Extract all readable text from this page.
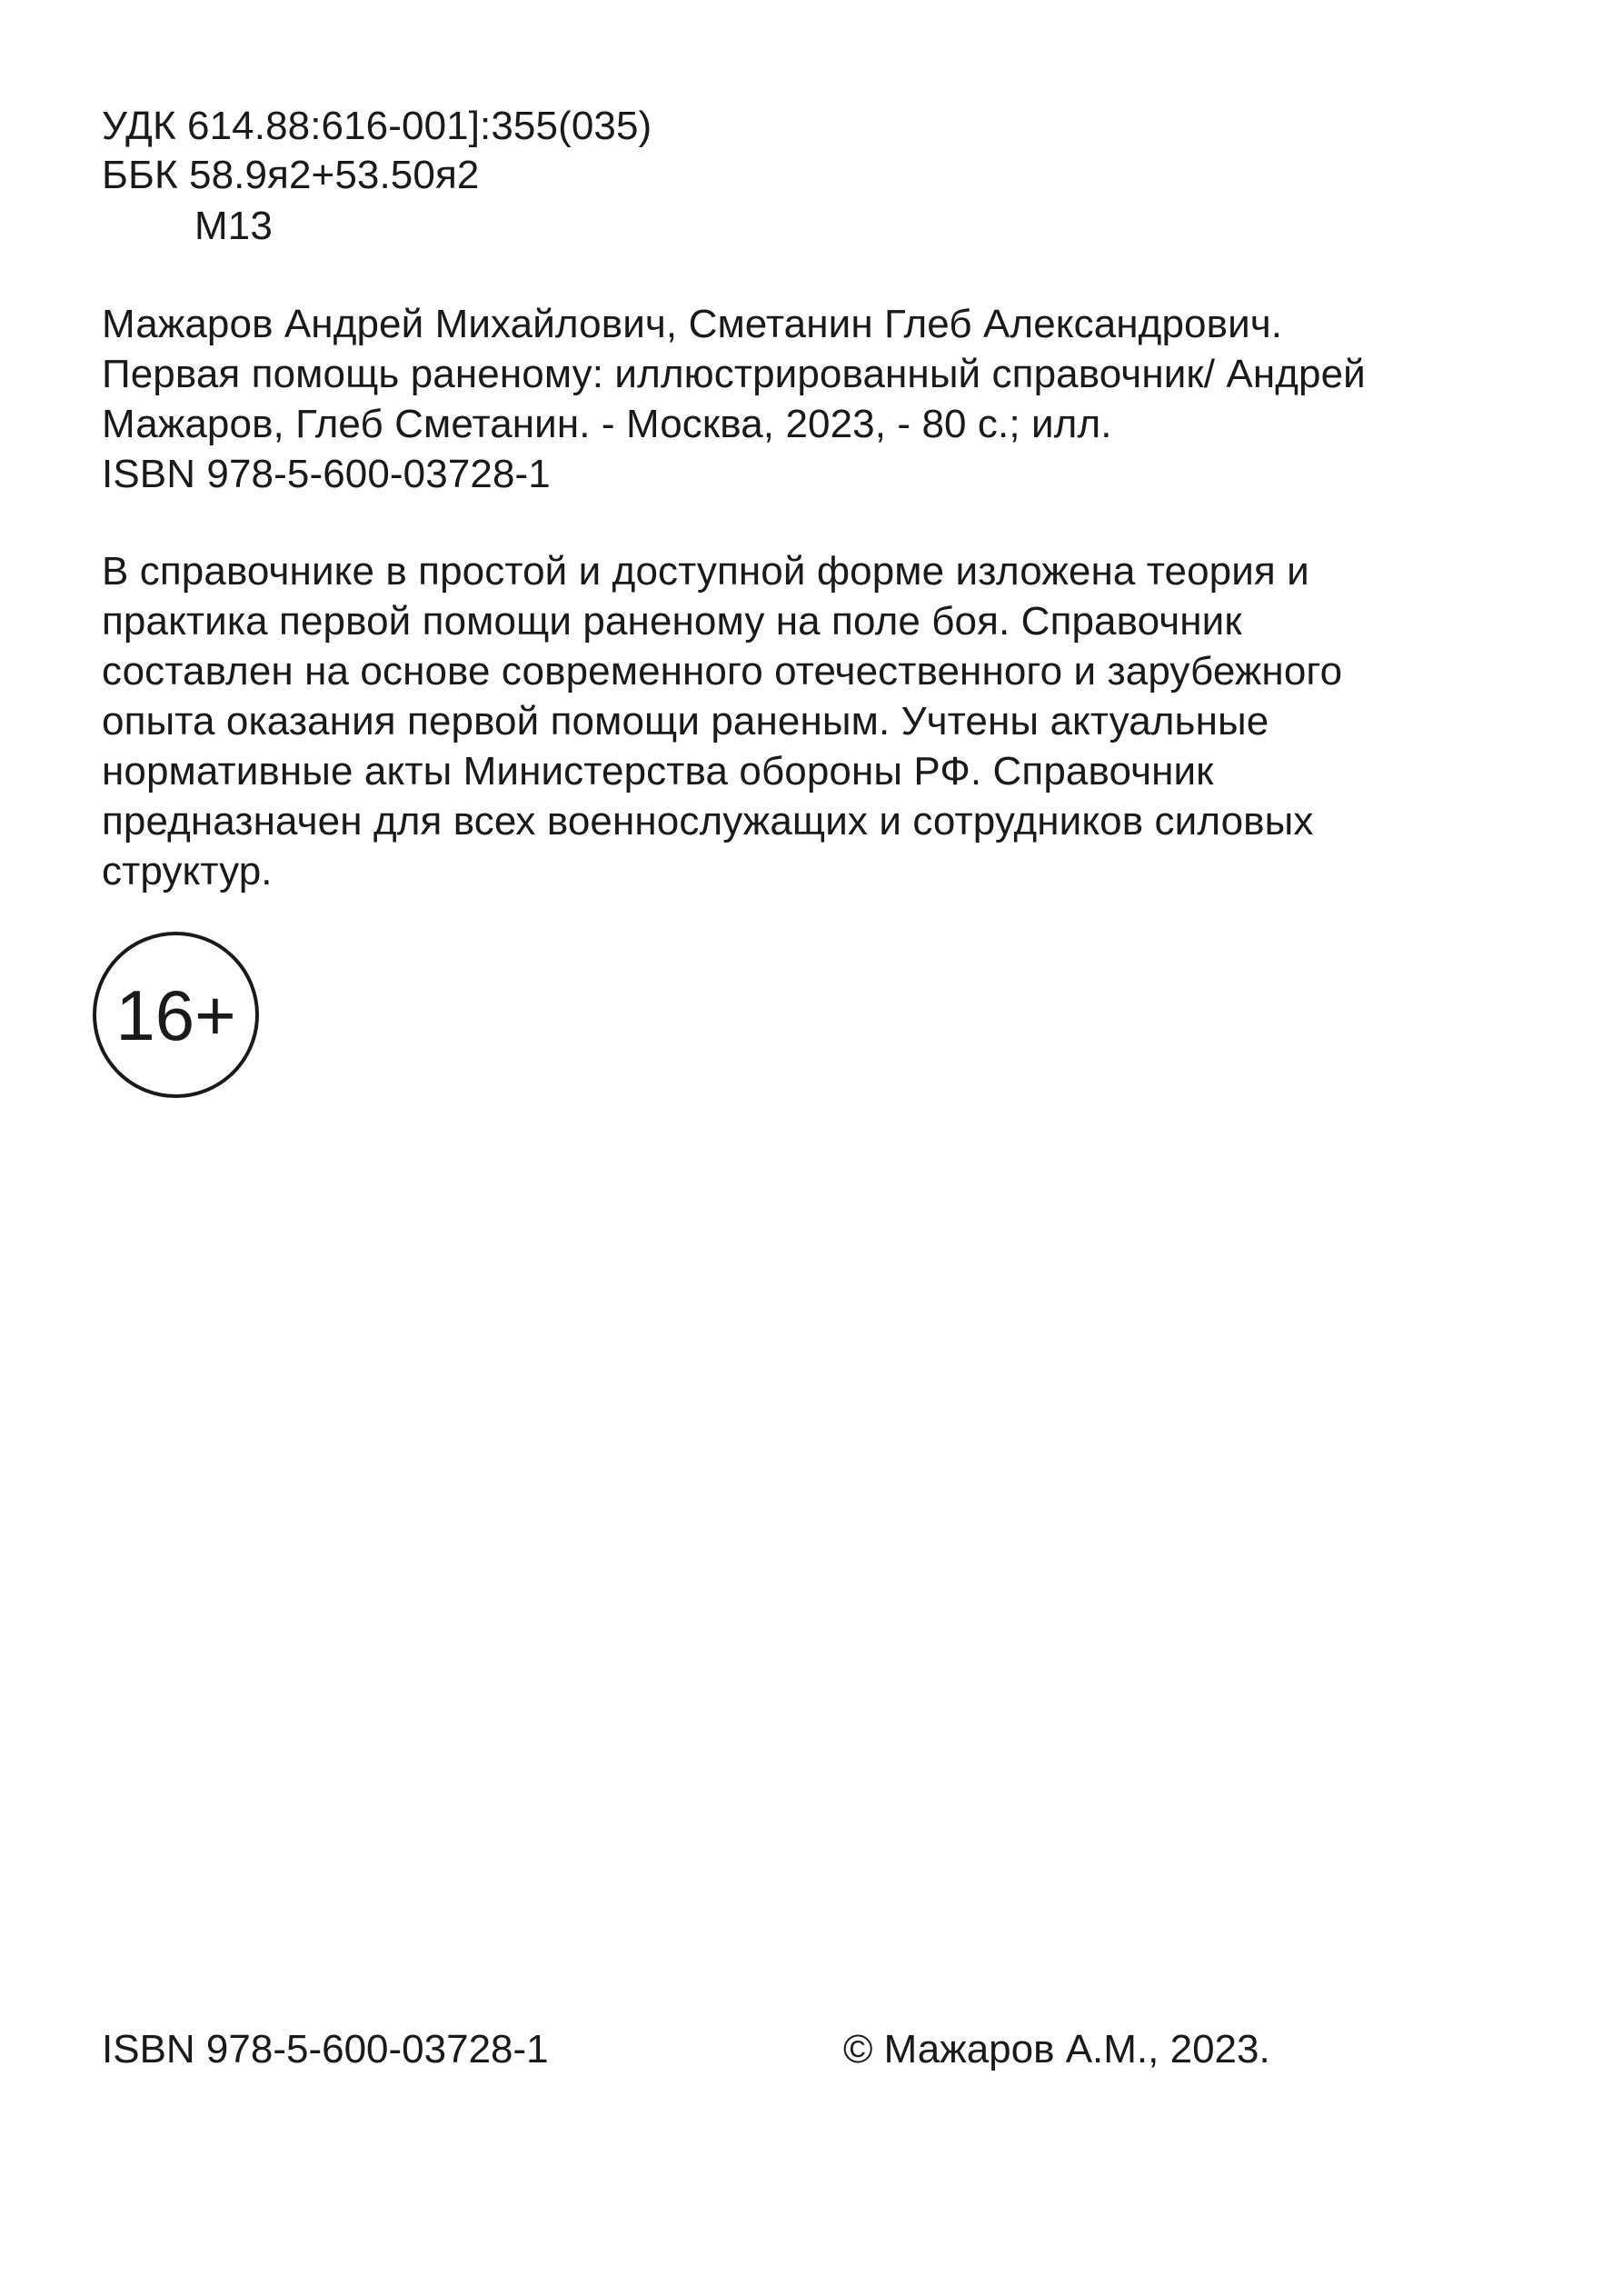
УДК 614.88:616-001]:355(035)

ББК 58.9я2+53.50я2

М13

Мажаров Андрей Михайлович, Сметанин Глеб Александрович.

Первая помощь раненому: иллюстрированный справочник/ Андрей

Мажаров, Глеб Сметанин. - Москва, 2023, - 80 с.; илл.

ISBN 978-5-600-03728-1

В справочнике в простой и доступной форме изложена теория и

практика первой помощи раненому на поле боя. Справочник

составлен на основе современного отечественного и зарубежного

опыта оказания первой помощи раненым. Учтены актуальные

нормативные акты Министерства обороны РФ. Справочник

предназначен для всех военнослужащих и сотрудников силовых

структур.

16+
ISBN 978-5-600-03728-1	© Мажаров А.М., 2023.
